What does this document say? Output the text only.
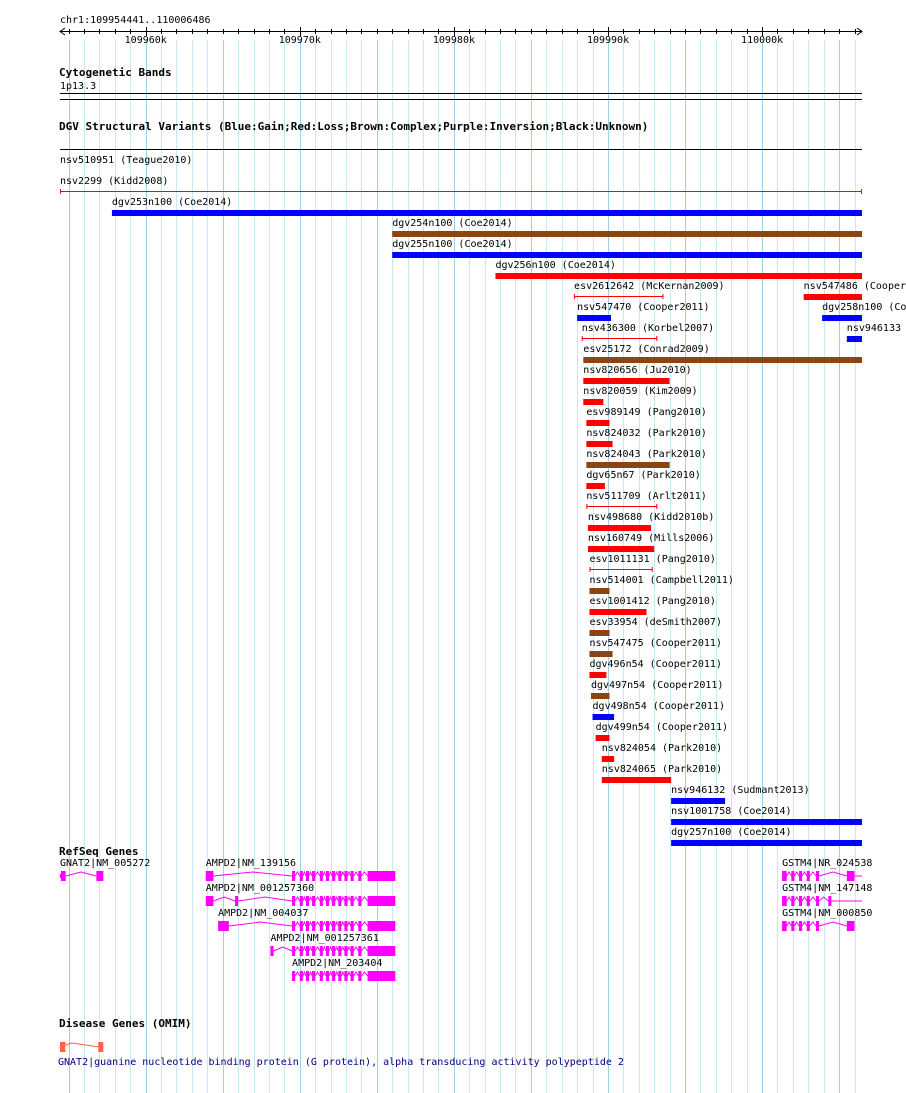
chr1:109954441..110006486
Cytogenetic Bands
1p13.3
DGV Structural Variants (Blue:Gain;Red:Loss;Brown:Complex;Purple:Inversion;Black:Unknown)
RefSeq Genes
Disease Genes (OMIM)
GNAT2|guanine nucleotide binding protein (G protein), alpha transducing activity polypeptide 2
109960k	109970k	109980k	109990k	110000k
nsv510951 (Teague2010)
nsv2299 (Kidd2008)
dgv253n100 (Coe2014)
dgv254n100 (Coe2014)
dgv255n100 (Coe2014)
dgv256n100 (Coe2014)
esv2612642 (McKernan2009)	nsv547486 (Cooper
nsv547470 (Cooper2011)	dgv258n100 (Co
nsv436300 (Korbel2007)	nsv946133
esv25172 (Conrad2009)
nsv820656 (Ju2010)
nsv820059 (Kim2009)
esv989149 (Pang2010)
nsv824032 (Park2010)
nsv824043 (Park2010)
dgv65n67 (Park2010)
nsv511709 (Arlt2011)
nsv498680 (Kidd2010b)
nsv160749 (Mills2006)
esv1011131 (Pang2010)
nsv514001 (Campbell2011)
esv1001412 (Pang2010)
esv33954 (deSmith2007)
nsv547475 (Cooper2011)
dgv496n54 (Cooper2011)
dgv497n54 (Cooper2011)
dgv498n54 (Cooper2011)
dgv499n54 (Cooper2011)
nsv824054 (Park2010)
nsv824065 (Park2010)
nsv946132 (Sudmant2013)
nsv1001758 (Coe2014)
dgv257n100 (Coe2014)
GNAT2|NM_005272	AMPD2|NM_139156
AMPD2|NM_001257360
AMPD2|NM_004037
AMPD2|NM_001257361
AMPD2|NM_203404
GSTM4|NR_024538
GSTM4|NM_147148
GSTM4|NM_000850
